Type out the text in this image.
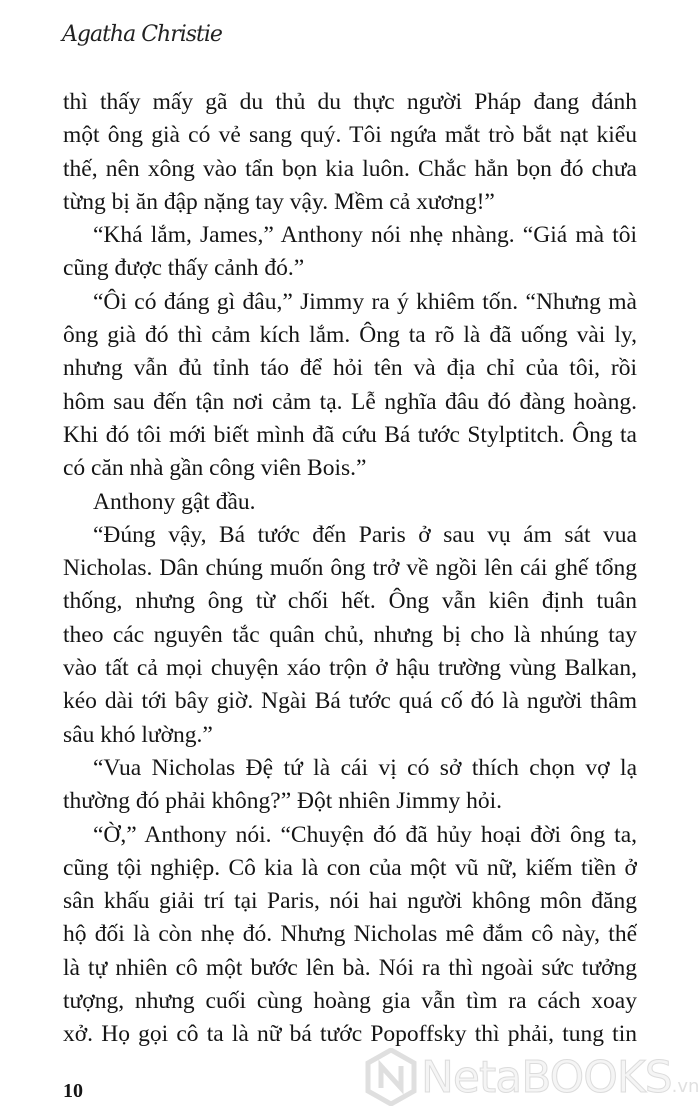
Agatha Christie
thì thấy mấy gã du thủ du thực người Pháp đang đánh
một ông già có vẻ sang quý. Tôi ngứa mắt trò bắt nạt kiểu
thế, nên xông vào tẩn bọn kia luôn. Chắc hẳn bọn đó chưa
từng bị ăn đập nặng tay vậy. Mềm cả xương!”
“Khá lắm, James,” Anthony nói nhẹ nhàng. “Giá mà tôi
cũng được thấy cảnh đó.”
“Ôi có đáng gì đâu,” Jimmy ra ý khiêm tốn. “Nhưng mà
ông già đó thì cảm kích lắm. Ông ta rõ là đã uống vài ly,
nhưng vẫn đủ tỉnh táo để hỏi tên và địa chỉ của tôi, rồi
hôm sau đến tận nơi cảm tạ. Lễ nghĩa đâu đó đàng hoàng.
Khi đó tôi mới biết mình đã cứu Bá tước Stylptitch. Ông ta
có căn nhà gần công viên Bois.”
Anthony gật đầu.
“Đúng vậy, Bá tước đến Paris ở sau vụ ám sát vua
Nicholas. Dân chúng muốn ông trở về ngồi lên cái ghế tổng
thống, nhưng ông từ chối hết. Ông vẫn kiên định tuân
theo các nguyên tắc quân chủ, nhưng bị cho là nhúng tay
vào tất cả mọi chuyện xáo trộn ở hậu trường vùng Balkan,
kéo dài tới bây giờ. Ngài Bá tước quá cố đó là người thâm
sâu khó lường.”
“Vua Nicholas Đệ tứ là cái vị có sở thích chọn vợ lạ
thường đó phải không?” Đột nhiên Jimmy hỏi.
“Ờ,” Anthony nói. “Chuyện đó đã hủy hoại đời ông ta,
cũng tội nghiệp. Cô kia là con của một vũ nữ, kiếm tiền ở
sân khấu giải trí tại Paris, nói hai người không môn đăng
hộ đối là còn nhẹ đó. Nhưng Nicholas mê đắm cô này, thế
là tự nhiên cô một bước lên bà. Nói ra thì ngoài sức tưởng
tượng, nhưng cuối cùng hoàng gia vẫn tìm ra cách xoay
xở. Họ gọi cô ta là nữ bá tước Popoffsky thì phải, tung tin
10	NetaBOOKS .vn
